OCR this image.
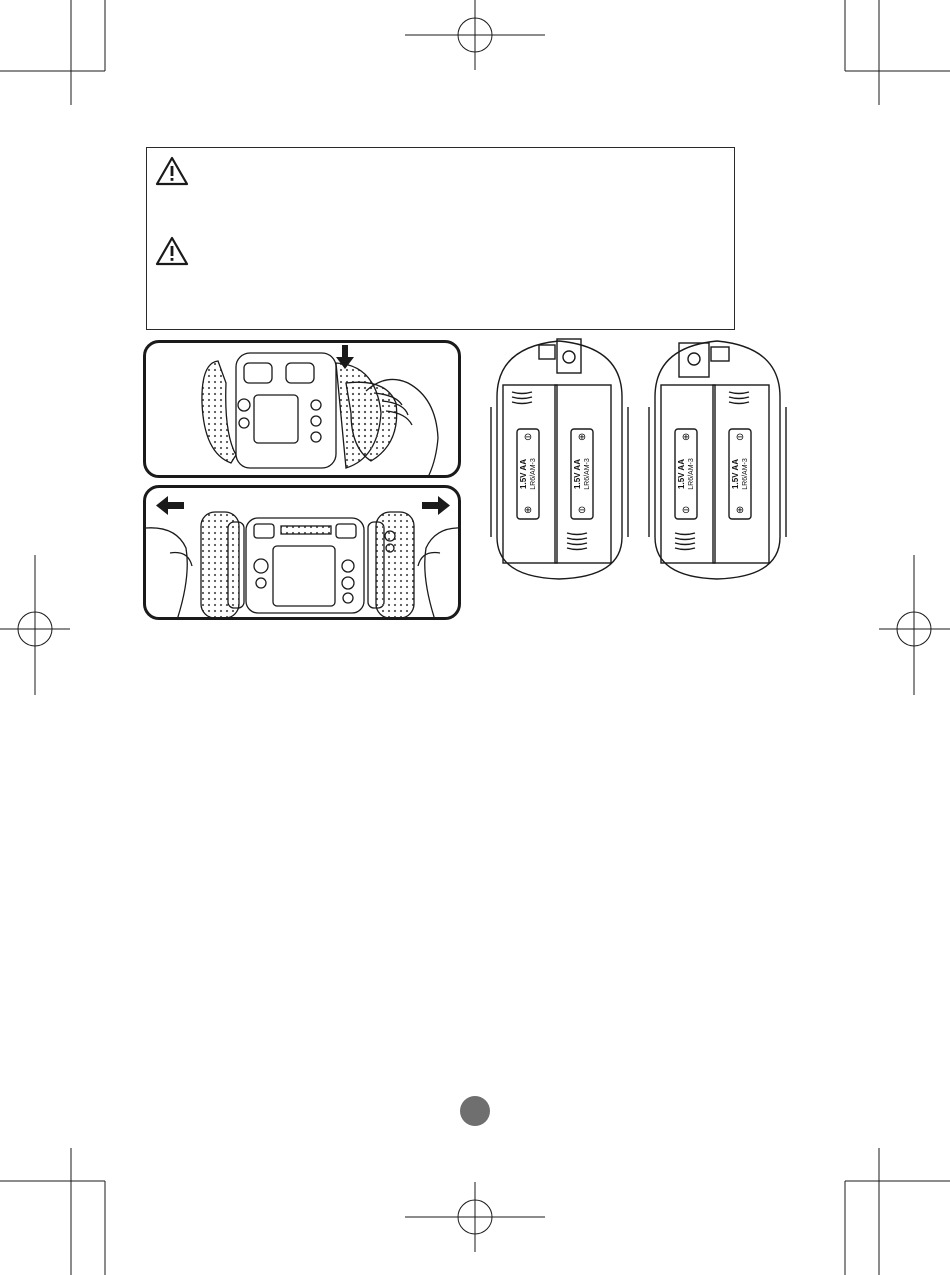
⊖
⊕
⊕
⊖
1.5V AA LR6/AM-3	1.5V AA LR6/AM-3
⊕
⊖
⊖
⊕
1.5V AA LR6/AM-3	1.5V AA LR6/AM-3
